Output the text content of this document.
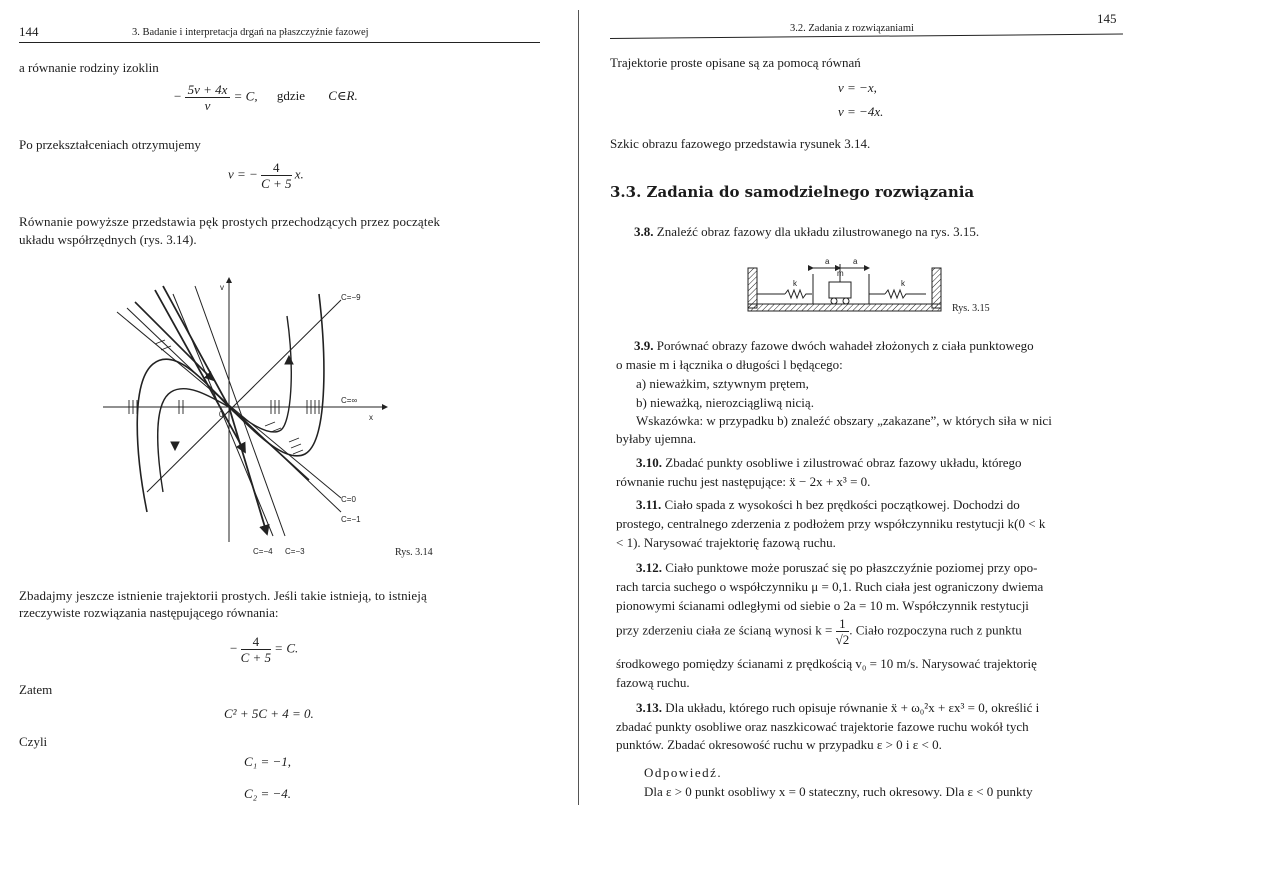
144	3. Badanie i interpretacja drgań na płaszczyźnie fazowej
a równanie rodziny izoklin
− $\frac{5v + 4x}{v} = C$, gdzie C∈R.
Po przekształceniach otrzymujemy
v = − $\frac{4}{C + 5} x$.
Równanie powyższe przedstawia pęk prostych przechodzących przez początek
układu współrzędnych (rys. 3.14).
v
x
0
C=−9
C=∞
C=0
C=−1
C=−4 C=−3	Rys. 3.14
Zbadajmy jeszcze istnienie trajektorii prostych. Jeśli takie istnieją, to istnieją
rzeczywiste rozwiązania następującego równania:
− $\frac{4}{C + 5} = C$.
Zatem
C² + 5C + 4 = 0.
Czyli
C₁ = −1,
C₂ = −4.
3.2. Zadania z rozwiązaniami
145
Trajektorie proste opisane są za pomocą równań
v = −x,
v = −4x.
Szkic obrazu fazowego przedstawia rysunek 3.14.
3.3. Zadania do samodzielnego rozwiązania
3.8. Znaleźć obraz fazowy dla układu zilustrowanego na rys. 3.15.
a	a
k	k
m
Rys. 3.15
3.9. Porównać obrazy fazowe dwóch wahadeł złożonych z ciała punktowego
o masie m i łącznika o długości l będącego:
a) nieważkim, sztywnym prętem,
b) nieważką, nierozciągliwą nicią.
Wskazówka: w przypadku b) znaleźć obszary „zakazane”, w których siła w nici
byłaby ujemna.
3.10. Zbadać punkty osobliwe i zilustrować obraz fazowy układu, którego
równanie ruchu jest następujące: ẍ − 2x + x³ = 0.
3.11. Ciało spada z wysokości h bez prędkości początkowej. Dochodzi do
prostego, centralnego zderzenia z podłożem przy współczynniku restytucji k(0 < k
< 1). Narysować trajektorię fazową ruchu.
3.12. Ciało punktowe może poruszać się po płaszczyźnie poziomej przy opo-
rach tarcia suchego o współczynniku μ = 0,1. Ruch ciała jest ograniczony dwiema
pionowymi ścianami odległymi od siebie o 2a = 10 m. Współczynnik restytucji
przy zderzeniu ciała ze ścianą wynosi $k = \frac{1}{√2}$ . Ciało rozpoczyna ruch z punktu
środkowego pomiędzy ścianami z prędkością v₀ = 10 m/s. Narysować trajektorię
fazową ruchu.
3.13. Dla układu, którego ruch opisuje równanie ẍ + ω₀²x + εx³ = 0, określić i
zbadać punkty osobliwe oraz naszkicować trajektorie fazowe ruchu wokół tych
punktów. Zbadać okresowość ruchu w przypadku ε > 0 i ε < 0.
Odpowiedź.
Dla ε > 0 punkt osobliwy x = 0 stateczny, ruch okresowy. Dla ε < 0 punkty
